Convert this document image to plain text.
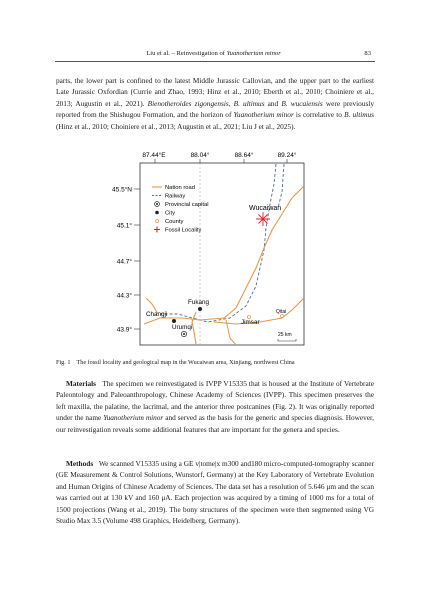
Liu et al. – Reinvestigation of Yuanotherium minor	83

parts, the lower part is confined to the latest Middle Jurassic Callovian, and the upper part to the earliest Late Jurassic Oxfordian (Currie and Zhao, 1993; Hinz et al., 2010; Eberth et al., 2010; Choiniere et al., 2013; Augustin et al., 2021). Bienotheroides zigongensis, B. ultimus and B. wucaiensis were previously reported from the Shishugou Formation, and the horizon of Yuanotherium minor is correlative to B. ultimus (Hinz et al., 2010; Choiniere et al., 2013; Augustin et al., 2021; Liu J et al., 2025).

87.44°E	88.04°	88.64°	89.24°
45.5°N
45.1°
44.7°
44.3°
43.9°
Nation road
Railway
Provincial capital
City
County
Fossil Locality
Wucaiwan
Fukang
Changji
Urumqi
Jimsar
Qitai
25 km
Fig. 1 The fossil locality and geological map in the Wucaiwan area, Xinjiang, northwest China
Materials The specimen we reinvestigated is IVPP V15335 that is housed at the Institute of Vertebrate Paleontology and Paleoanthropology, Chinese Academy of Sciences (IVPP). This specimen preserves the left maxilla, the palatine, the lacrimal, and the anterior three postcanines (Fig. 2). It was originally reported under the name Yuanotherium minor and served as the basis for the generic and species diagnosis. However, our reinvestigation reveals some additional features that are important for the genera and species.
Methods We scanned V15335 using a GE v|tome|x m300 and180 micro-computed-tomography scanner (GE Measurement & Control Solutions, Wunstorf, Germany) at the Key Laboratory of Vertebrate Evolution and Human Origins of Chinese Academy of Sciences. The data set has a resolution of 5.646 μm and the scan was carried out at 130 kV and 160 μA. Each projection was acquired by a timing of 1000 ms for a total of 1500 projections (Wang et al., 2019). The bony structures of the specimen were then segmented using VG Studio Max 3.5 (Volume 498 Graphics, Heidelberg, Germany).
